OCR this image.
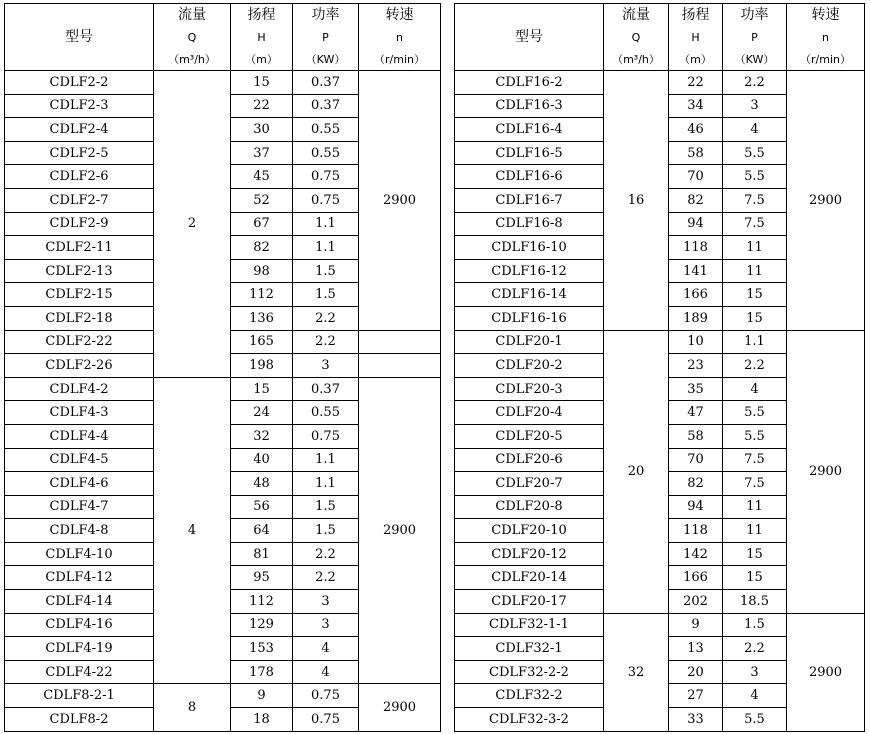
型号	流量	扬程	功率	转速
	Q	H	P	n
	（m³/h）	（m）	（KW）	（r/min）
CDLF2-2	2	15	0.37	2900
CDLF2-3		22	0.37	
CDLF2-4		30	0.55	
CDLF2-5		37	0.55	
CDLF2-6		45	0.75	
CDLF2-7		52	0.75	
CDLF2-9		67	1.1	
CDLF2-11		82	1.1	
CDLF2-13		98	1.5	
CDLF2-15		112	1.5	
CDLF2-18		136	2.2	
CDLF2-22		165	2.2	
CDLF2-26		198	3	
CDLF4-2	4	15	0.37	2900
CDLF4-3		24	0.55	
CDLF4-4		32	0.75	
CDLF4-5		40	1.1	
CDLF4-6		48	1.1	
CDLF4-7		56	1.5	
CDLF4-8		64	1.5	
CDLF4-10		81	2.2	
CDLF4-12		95	2.2	
CDLF4-14		112	3	
CDLF4-16		129	3	
CDLF4-19		153	4	
CDLF4-22		178	4	
CDLF8-2-1	8	9	0.75	2900
CDLF8-2		18	0.75	
型号	流量	扬程	功率	转速
	Q	H	P	n
	（m³/h）	（m）	（KW）	（r/min）
CDLF16-2	16	22	2.2	2900
CDLF16-3		34	3	
CDLF16-4		46	4	
CDLF16-5		58	5.5	
CDLF16-6		70	5.5	
CDLF16-7		82	7.5	
CDLF16-8		94	7.5	
CDLF16-10		118	11	
CDLF16-12		141	11	
CDLF16-14		166	15	
CDLF16-16		189	15	
CDLF20-1	20	10	1.1	2900
CDLF20-2		23	2.2	
CDLF20-3		35	4	
CDLF20-4		47	5.5	
CDLF20-5		58	5.5	
CDLF20-6		70	7.5	
CDLF20-7		82	7.5	
CDLF20-8		94	11	
CDLF20-10		118	11	
CDLF20-12		142	15	
CDLF20-14		166	15	
CDLF20-17		202	18.5	
CDLF32-1-1	32	9	1.5	2900
CDLF32-1		13	2.2	
CDLF32-2-2		20	3	
CDLF32-2		27	4	
CDLF32-3-2		33	5.5	
